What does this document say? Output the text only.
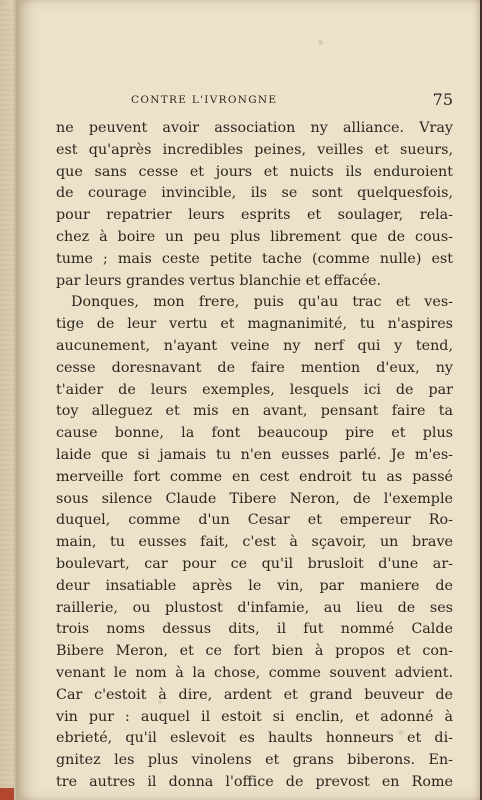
CONTRE L'IVRONGNE	75
ne peuvent avoir association ny alliance. Vray
est qu'après incredibles peines, veilles et sueurs,
que sans cesse et jours et nuicts ils enduroient
de courage invincible, ils se sont quelquesfois,
pour repatrier leurs esprits et soulager, rela-
chez à boire un peu plus librement que de cous-
tume ; mais ceste petite tache (comme nulle) est
par leurs grandes vertus blanchie et effacée.
Donques, mon frere, puis qu'au trac et ves-
tige de leur vertu et magnanimité, tu n'aspires
aucunement, n'ayant veine ny nerf qui y tend,
cesse doresnavant de faire mention d'eux, ny
t'aider de leurs exemples, lesquels ici de par
toy alleguez et mis en avant, pensant faire ta
cause bonne, la font beaucoup pire et plus
laide que si jamais tu n'en eusses parlé. Je m'es-
merveille fort comme en cest endroit tu as passé
sous silence Claude Tibere Neron, de l'exemple
duquel, comme d'un Cesar et empereur Ro-
main, tu eusses fait, c'est à sçavoir, un brave
boulevart, car pour ce qu'il brusloit d'une ar-
deur insatiable après le vin, par maniere de
raillerie, ou plustost d'infamie, au lieu de ses
trois noms dessus dits, il fut nommé Calde
Bibere Meron, et ce fort bien à propos et con-
venant le nom à la chose, comme souvent advient.
Car c'estoit à dire, ardent et grand beuveur de
vin pur : auquel il estoit si enclin, et adonné à
ebrieté, qu'il eslevoit es haults honneurs et di-
gnitez les plus vinolens et grans biberons. En-
tre autres il donna l'office de prevost en Rome
